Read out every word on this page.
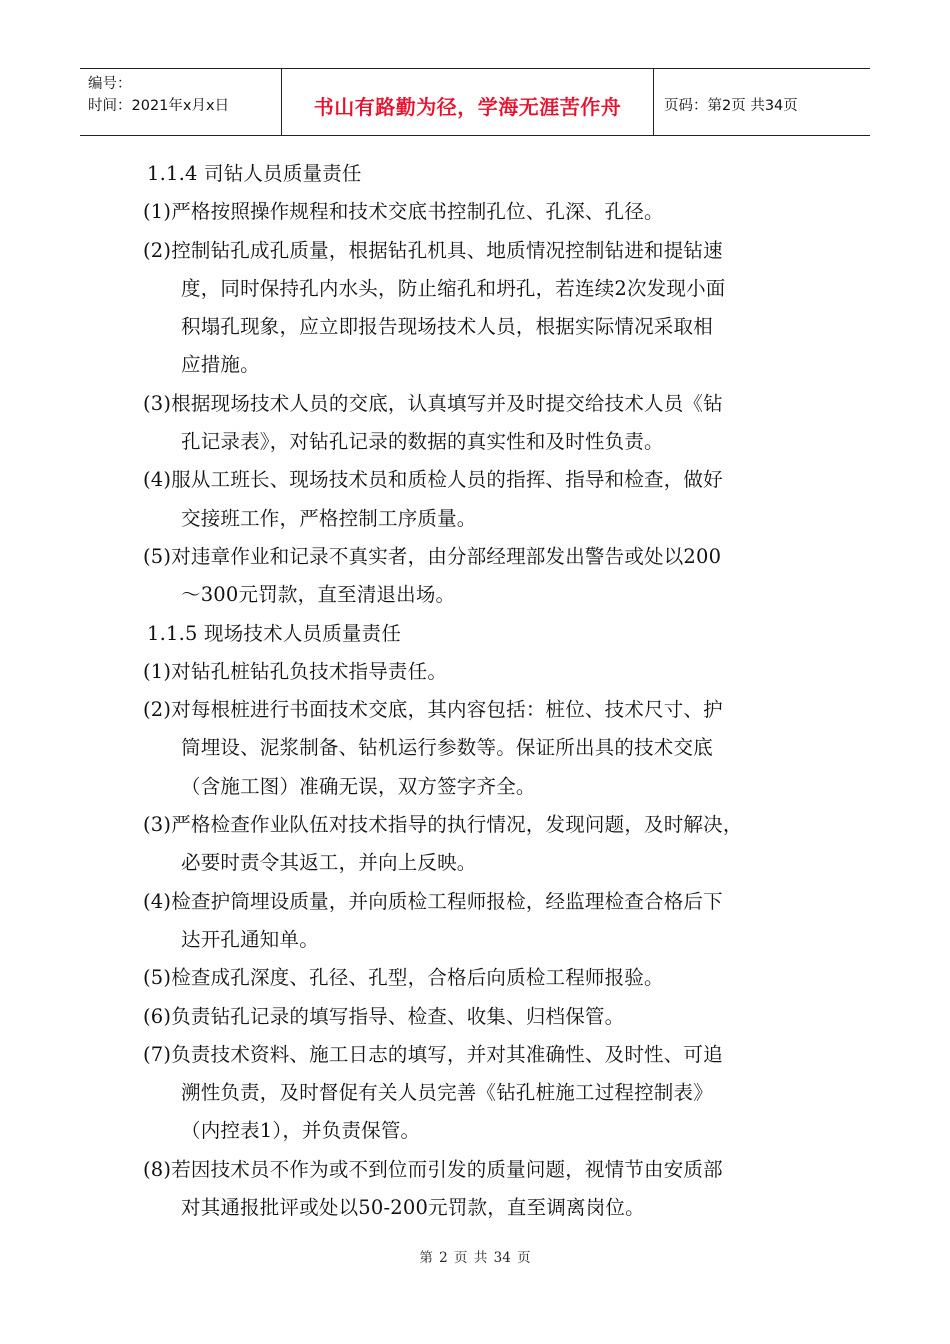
编号：
时间：2021年x月x日	书山有路勤为径，学海无涯苦作舟	页码：第2页 共34页
1.1.4 司钻人员质量责任
(1)严格按照操作规程和技术交底书控制孔位、孔深、孔径。
(2)控制钻孔成孔质量，根据钻孔机具、地质情况控制钻进和提钻速
度，同时保持孔内水头，防止缩孔和坍孔，若连续2次发现小面
积塌孔现象，应立即报告现场技术人员，根据实际情况采取相
应措施。
(3)根据现场技术人员的交底，认真填写并及时提交给技术人员《钻
孔记录表》，对钻孔记录的数据的真实性和及时性负责。
(4)服从工班长、现场技术员和质检人员的指挥、指导和检查，做好
交接班工作，严格控制工序质量。
(5)对违章作业和记录不真实者，由分部经理部发出警告或处以200
～300元罚款，直至清退出场。
1.1.5 现场技术人员质量责任
(1)对钻孔桩钻孔负技术指导责任。
(2)对每根桩进行书面技术交底，其内容包括：桩位、技术尺寸、护
筒埋设、泥浆制备、钻机运行参数等。保证所出具的技术交底
（含施工图）准确无误，双方签字齐全。
(3)严格检查作业队伍对技术指导的执行情况，发现问题，及时解决，
必要时责令其返工，并向上反映。
(4)检查护筒埋设质量，并向质检工程师报检，经监理检查合格后下
达开孔通知单。
(5)检查成孔深度、孔径、孔型，合格后向质检工程师报验。
(6)负责钻孔记录的填写指导、检查、收集、归档保管。
(7)负责技术资料、施工日志的填写，并对其准确性、及时性、可追
溯性负责，及时督促有关人员完善《钻孔桩施工过程控制表》
（内控表1），并负责保管。
(8)若因技术员不作为或不到位而引发的质量问题，视情节由安质部
对其通报批评或处以50-200元罚款，直至调离岗位。
第 2 页 共 34 页
